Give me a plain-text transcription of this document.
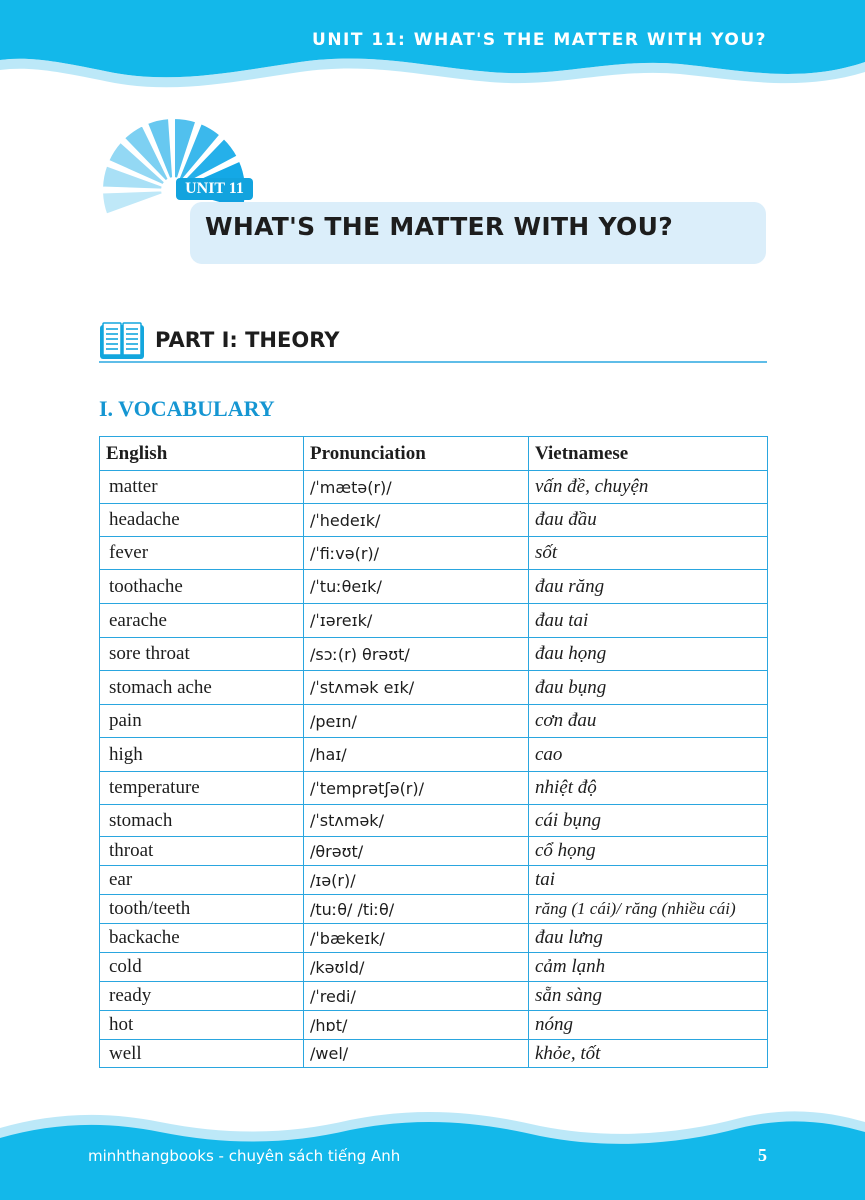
UNIT 11: WHAT'S THE MATTER WITH YOU?
UNIT 11
WHAT'S THE MATTER WITH YOU?
PART I: THEORY
I. VOCABULARY
English	Pronunciation	Vietnamese
matter	/ˈmætə(r)/	vấn đề, chuyện
headache	/ˈhedeɪk/	đau đầu
fever	/ˈfiːvə(r)/	sốt
toothache	/ˈtuːθeɪk/	đau răng
earache	/ˈɪəreɪk/	đau tai
sore throat	/sɔː(r) θrəʊt/	đau họng
stomach ache	/ˈstʌmək eɪk/	đau bụng
pain	/peɪn/	cơn đau
high	/haɪ/	cao
temperature	/ˈtemprətʃə(r)/	nhiệt độ
stomach	/ˈstʌmək/	cái bụng
throat	/θrəʊt/	cổ họng
ear	/ɪə(r)/	tai
tooth/teeth	/tuːθ/ /tiːθ/	răng (1 cái)/ răng (nhiều cái)
backache	/ˈbækeɪk/	đau lưng
cold	/kəʊld/	cảm lạnh
ready	/ˈredi/	sẵn sàng
hot	/hɒt/	nóng
well	/wel/	khỏe, tốt
minhthangbooks - chuyên sách tiếng Anh	5
